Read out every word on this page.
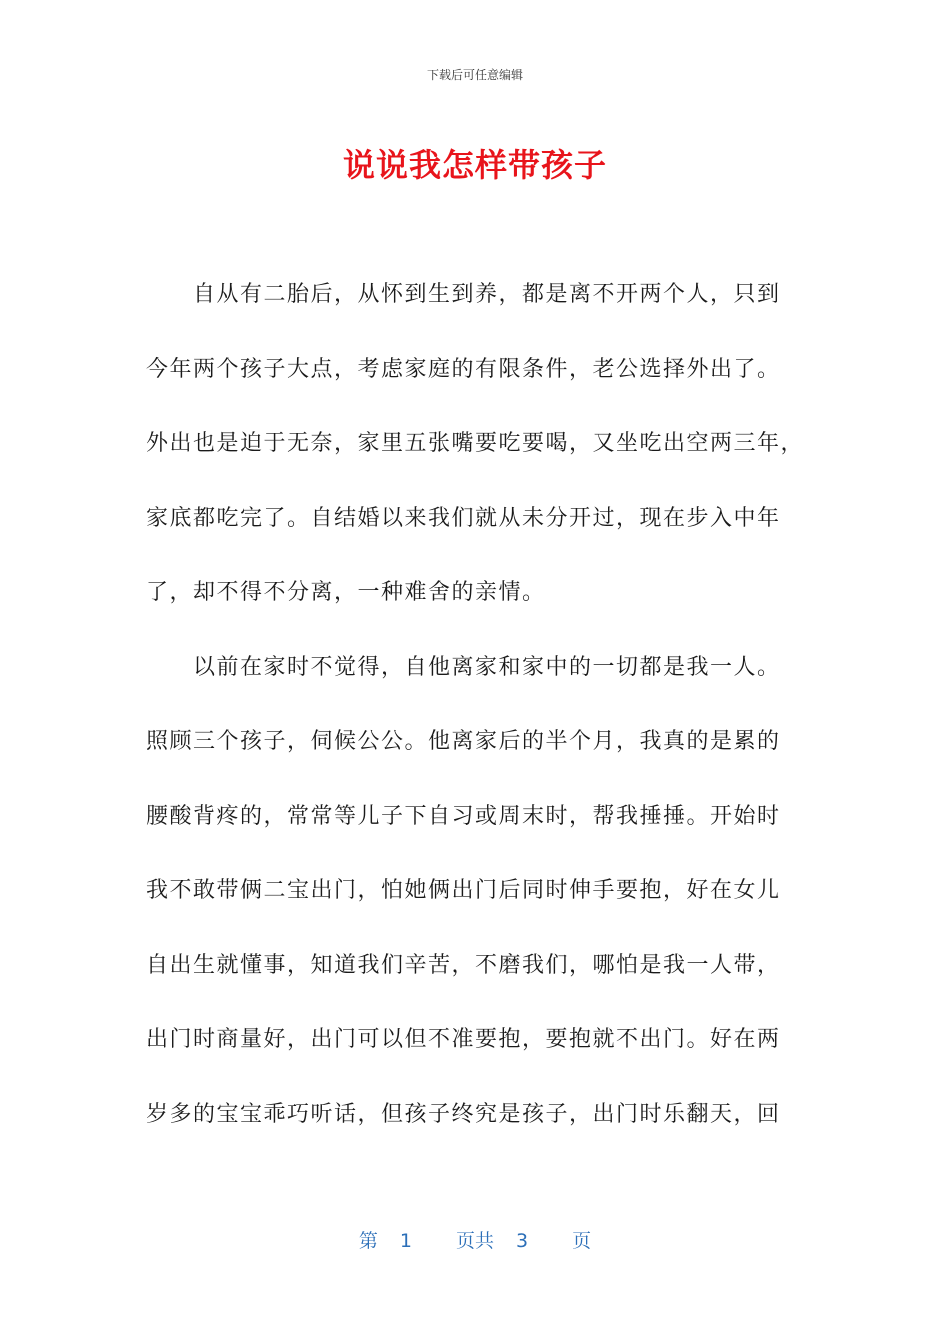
下载后可任意编辑
说说我怎样带孩子
　　自从有二胎后，从怀到生到养，都是离不开两个人，只到
今年两个孩子大点，考虑家庭的有限条件，老公选择外出了。
外出也是迫于无奈，家里五张嘴要吃要喝，又坐吃出空两三年，
家底都吃完了。自结婚以来我们就从未分开过，现在步入中年
了，却不得不分离，一种难舍的亲情。
　　以前在家时不觉得，自他离家和家中的一切都是我一人。
照顾三个孩子，伺候公公。他离家后的半个月，我真的是累的
腰酸背疼的，常常等儿子下自习或周末时，帮我捶捶。开始时
我不敢带俩二宝出门，怕她俩出门后同时伸手要抱，好在女儿
自出生就懂事，知道我们辛苦，不磨我们，哪怕是我一人带，
出门时商量好，出门可以但不准要抱，要抱就不出门。好在两
岁多的宝宝乖巧听话，但孩子终究是孩子，出门时乐翻天，回
第 1 页共 3 页
